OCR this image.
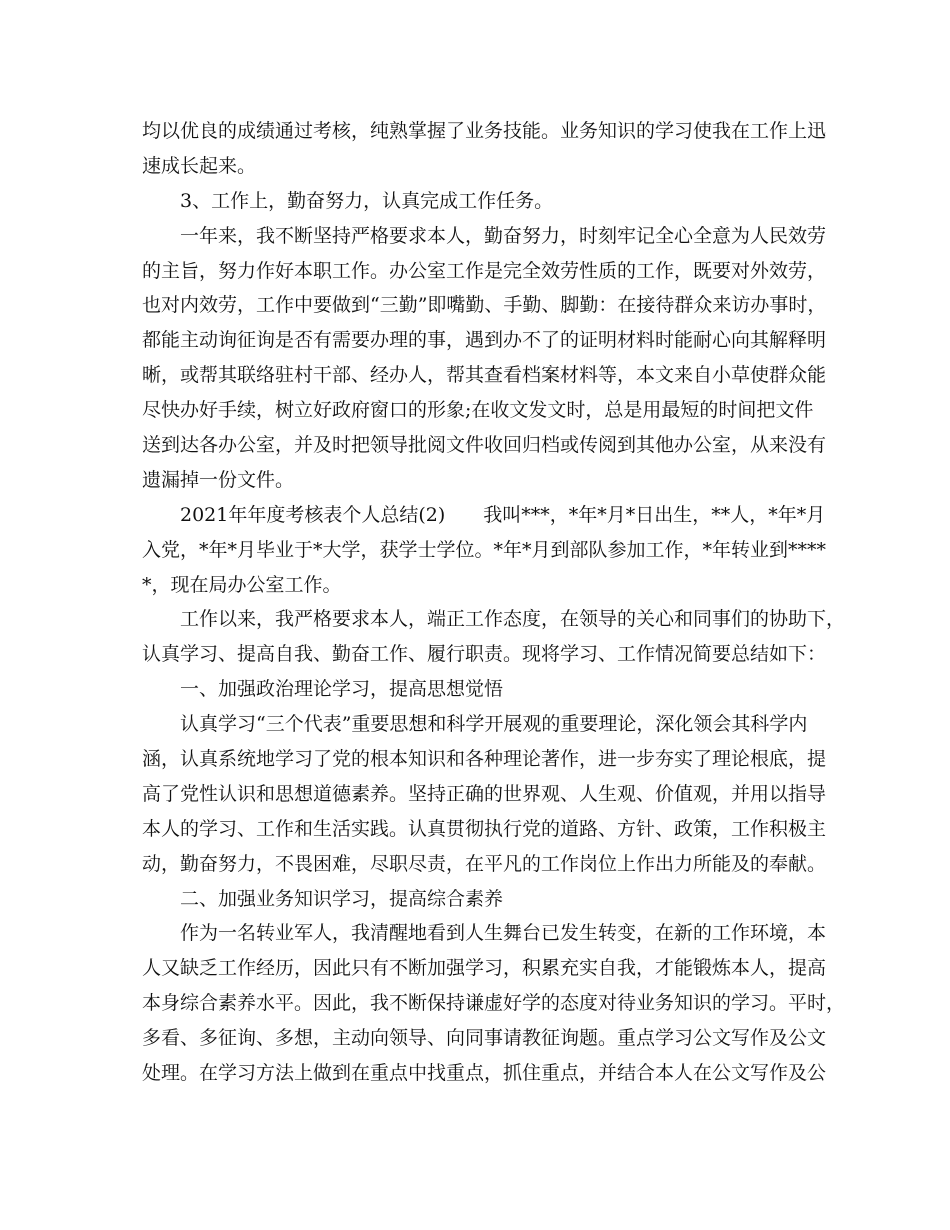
均以优良的成绩通过考核，纯熟掌握了业务技能。业务知识的学习使我在工作上迅

速成长起来。

3、工作上，勤奋努力，认真完成工作任务。

一年来，我不断坚持严格要求本人，勤奋努力，时刻牢记全心全意为人民效劳

的主旨，努力作好本职工作。办公室工作是完全效劳性质的工作，既要对外效劳，

也对内效劳，工作中要做到“三勤”即嘴勤、手勤、脚勤：在接待群众来访办事时，

都能主动询征询是否有需要办理的事，遇到办不了的证明材料时能耐心向其解释明

晰，或帮其联络驻村干部、经办人，帮其查看档案材料等，本文来自小草使群众能

尽快办好手续，树立好政府窗口的形象;在收文发文时，总是用最短的时间把文件

送到达各办公室，并及时把领导批阅文件收回归档或传阅到其他办公室，从来没有

遗漏掉一份文件。

2021年年度考核表个人总结(2)　　我叫***，*年*月*日出生，**人，*年*月

入党，*年*月毕业于*大学，获学士学位。*年*月到部队参加工作，*年转业到****

*，现在局办公室工作。

工作以来，我严格要求本人，端正工作态度，在领导的关心和同事们的协助下，

认真学习、提高自我、勤奋工作、履行职责。现将学习、工作情况简要总结如下：

一、加强政治理论学习，提高思想觉悟

认真学习“三个代表”重要思想和科学开展观的重要理论，深化领会其科学内

涵，认真系统地学习了党的根本知识和各种理论著作，进一步夯实了理论根底，提

高了党性认识和思想道德素养。坚持正确的世界观、人生观、价值观，并用以指导

本人的学习、工作和生活实践。认真贯彻执行党的道路、方针、政策，工作积极主

动，勤奋努力，不畏困难，尽职尽责，在平凡的工作岗位上作出力所能及的奉献。

二、加强业务知识学习，提高综合素养

作为一名转业军人，我清醒地看到人生舞台已发生转变，在新的工作环境，本

人又缺乏工作经历，因此只有不断加强学习，积累充实自我，才能锻炼本人，提高

本身综合素养水平。因此，我不断保持谦虚好学的态度对待业务知识的学习。平时，

多看、多征询、多想，主动向领导、向同事请教征询题。重点学习公文写作及公文

处理。在学习方法上做到在重点中找重点，抓住重点，并结合本人在公文写作及公
